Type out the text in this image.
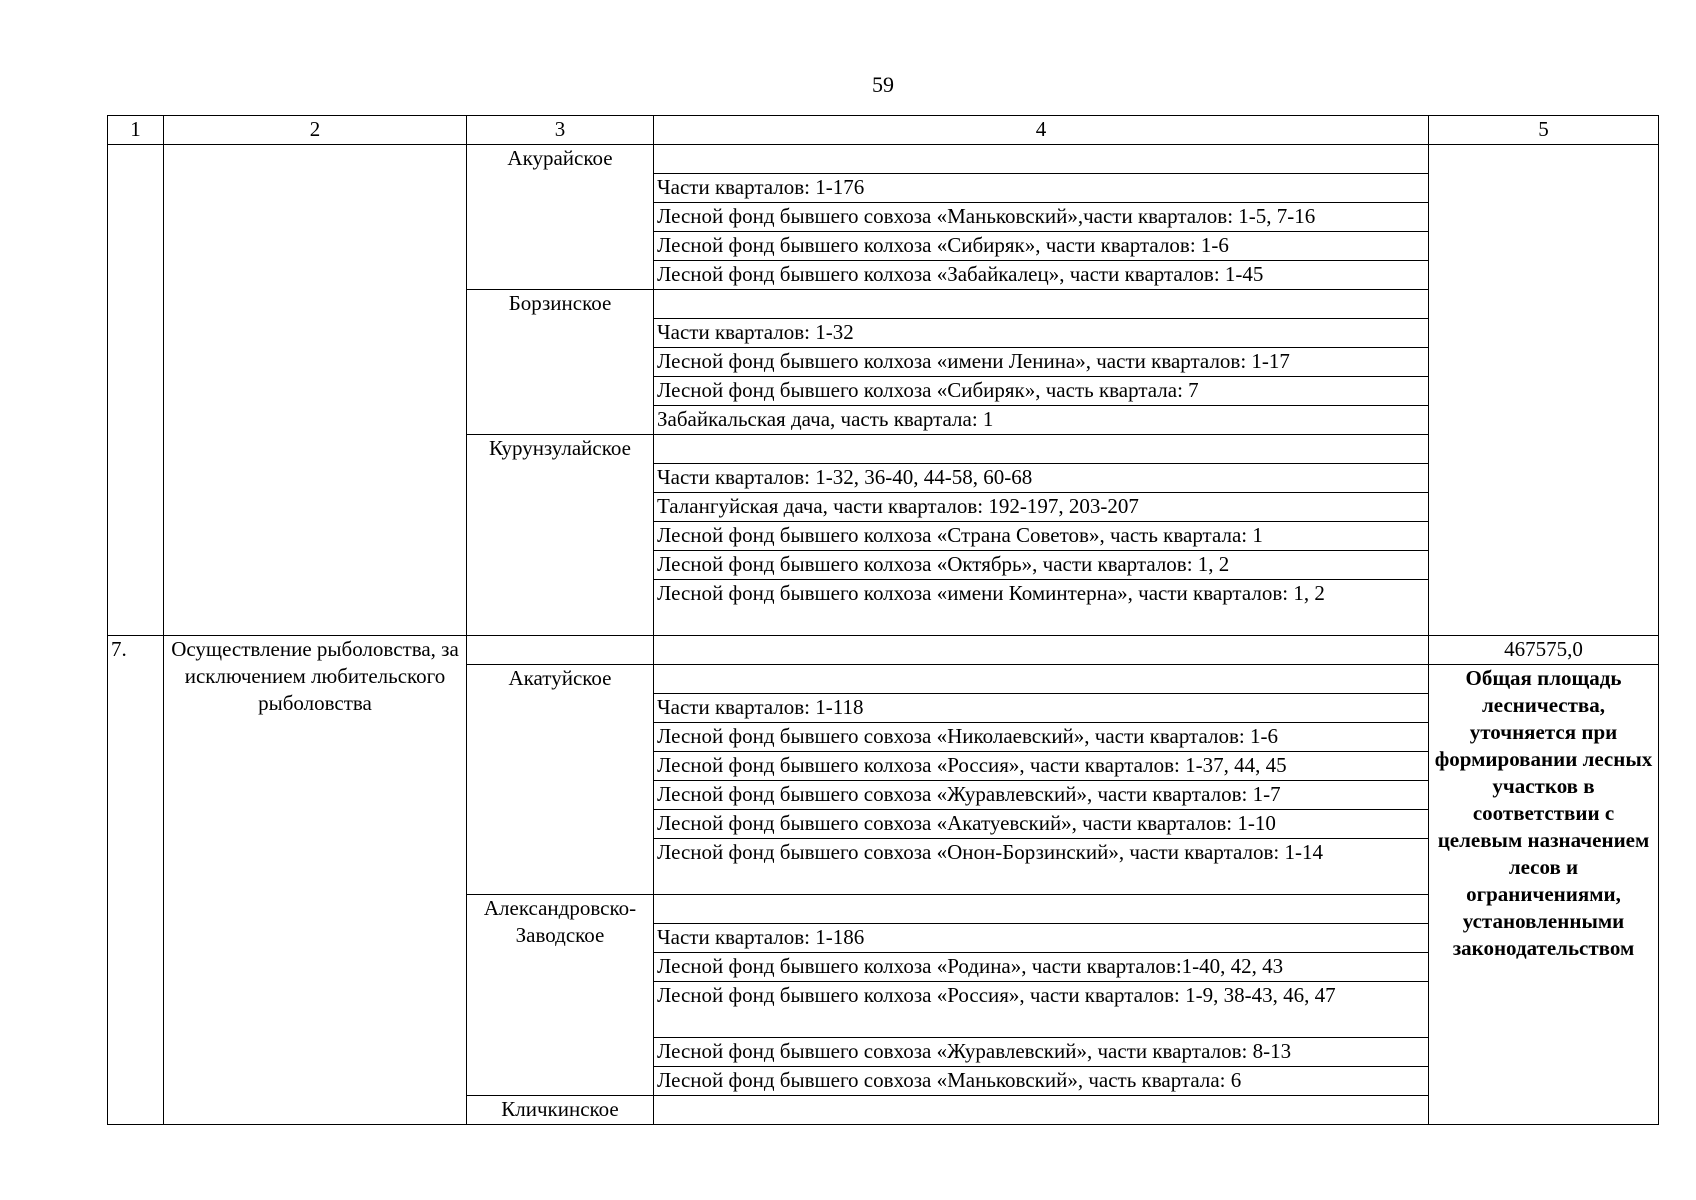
59
1	2	3	4	5
		Акурайское		
			Части кварталов: 1-176	
			Лесной фонд бывшего совхоза «Маньковский»,части кварталов: 1-5, 7-16	
			Лесной фонд бывшего колхоза «Сибиряк», части кварталов: 1-6	
			Лесной фонд бывшего колхоза «Забайкалец», части кварталов: 1-45	
		Борзинское		
			Части кварталов: 1-32	
			Лесной фонд бывшего колхоза «имени Ленина», части кварталов: 1-17	
			Лесной фонд бывшего колхоза «Сибиряк», часть квартала: 7	
			Забайкальская дача, часть квартала: 1	
		Курунзулайское		
			Части кварталов: 1-32, 36-40, 44-58, 60-68	
			Талангуйская дача, части кварталов: 192-197, 203-207	
			Лесной фонд бывшего колхоза «Страна Советов», часть квартала: 1	
			Лесной фонд бывшего колхоза «Октябрь», части кварталов: 1, 2	
			Лесной фонд бывшего колхоза «имени Коминтерна», части кварталов: 1, 2	
7.	Осуществление рыболовства, за исключением любительского рыболовства			467575,0
		Акатуйское		Общая площадь лесничества, уточняется при формировании лесных участков в соответствии с целевым назначением лесов и ограничениями, установленными законодательством
			Части кварталов: 1-118	
			Лесной фонд бывшего совхоза «Николаевский», части кварталов: 1-6	
			Лесной фонд бывшего колхоза «Россия», части кварталов: 1-37, 44, 45	
			Лесной фонд бывшего совхоза «Журавлевский», части кварталов: 1-7	
			Лесной фонд бывшего совхоза «Акатуевский», части кварталов: 1-10	
			Лесной фонд бывшего совхоза «Онон-Борзинский», части кварталов: 1-14	
		Александровско-Заводское		
			Части кварталов: 1-186	
			Лесной фонд бывшего колхоза «Родина», части кварталов:1-40, 42, 43	
			Лесной фонд бывшего колхоза «Россия», части кварталов: 1-9, 38-43, 46, 47	
			Лесной фонд бывшего совхоза «Журавлевский», части кварталов: 8-13	
			Лесной фонд бывшего совхоза «Маньковский», часть квартала: 6	
		Кличкинское		
